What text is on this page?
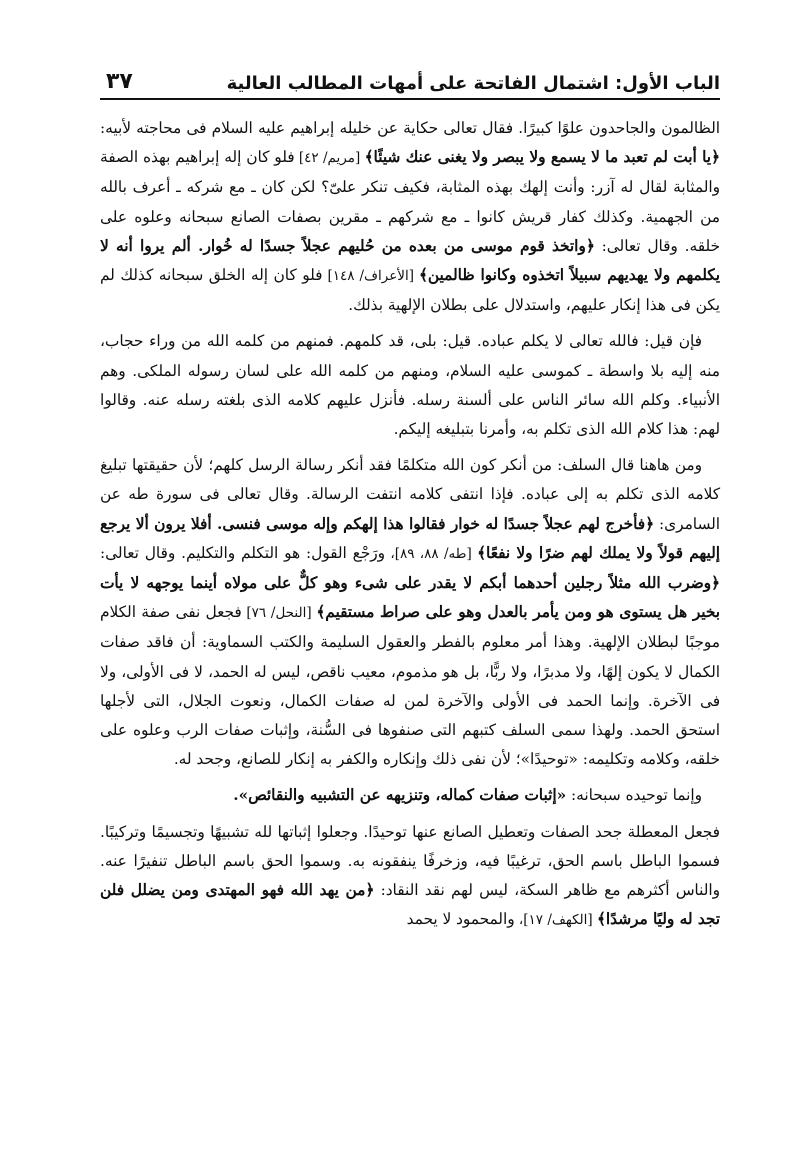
الباب الأول: اشتمال الفاتحة على أمهات المطالب العالية
٣٧

الظالمون والجاحدون علوًا كبيرًا. فقال تعالى حكاية عن خليله إبراهيم عليه السلام فى محاجته لأبيه: ﴿يا أبت لم تعبد ما لا يسمع ولا يبصر ولا يغنى عنك شيئًا﴾ [مريم/ ٤٢] فلو كان إله إبراهيم بهذه الصفة والمثابة لقال له آزر: وأنت إلهك بهذه المثابة، فكيف تنكر علىّ؟ لكن كان ـ مع شركه ـ أعرف بالله من الجهمية. وكذلك كفار قريش كانوا ـ مع شركهم ـ مقرين بصفات الصانع سبحانه وعلوه على خلقه. وقال تعالى: ﴿واتخذ قوم موسى من بعده من حُليهم عجلاً جسدًا له خُوار. ألم يروا أنه لا يكلمهم ولا يهديهم سبيلاً اتخذوه وكانوا ظالمين﴾ [الأعراف/ ١٤٨] فلو كان إله الخلق سبحانه كذلك لم يكن فى هذا إنكار عليهم، واستدلال على بطلان الإلهية بذلك.

فإن قيل: فالله تعالى لا يكلم عباده. قيل: بلى، قد كلمهم. فمنهم من كلمه الله من وراء حجاب، منه إليه بلا واسطة ـ كموسى عليه السلام، ومنهم من كلمه الله على لسان رسوله الملكى. وهم الأنبياء. وكلم الله سائر الناس على ألسنة رسله. فأنزل عليهم كلامه الذى بلغته رسله عنه. وقالوا لهم: هذا كلام الله الذى تكلم به، وأمرنا بتبليغه إليكم.

ومن هاهنا قال السلف: من أنكر كون الله متكلمًا فقد أنكر رسالة الرسل كلهم؛ لأن حقيقتها تبليغ كلامه الذى تكلم به إلى عباده. فإذا انتفى كلامه انتفت الرسالة. وقال تعالى فى سورة طه عن السامرى: ﴿فأخرج لهم عجلاً جسدًا له خوار فقالوا هذا إلهكم وإله موسى فنسى. أفلا يرون ألا يرجع إليهم قولاً ولا يملك لهم ضرًا ولا نفعًا﴾ [طه/ ٨٨، ٨٩]، ورَجْع القول: هو التكلم والتكليم. وقال تعالى: ﴿وضرب الله مثلاً رجلين أحدهما أبكم لا يقدر على شىء وهو كلٌّ على مولاه أينما يوجهه لا يأت بخير هل يستوى هو ومن يأمر بالعدل وهو على صراط مستقيم﴾ [النحل/ ٧٦] فجعل نفى صفة الكلام موجبًا لبطلان الإلهية. وهذا أمر معلوم بالفطر والعقول السليمة والكتب السماوية: أن فاقد صفات الكمال لا يكون إلهًا، ولا مدبرًا، ولا ربًّا، بل هو مذموم، معيب ناقص، ليس له الحمد، لا فى الأولى، ولا فى الآخرة. وإنما الحمد فى الأولى والآخرة لمن له صفات الكمال، ونعوت الجلال، التى لأجلها استحق الحمد. ولهذا سمى السلف كتبهم التى صنفوها فى السُّنة، وإثبات صفات الرب وعلوه على خلقه، وكلامه وتكليمه: «توحيدًا»؛ لأن نفى ذلك وإنكاره والكفر به إنكار للصانع، وجحد له.

وإنما توحيده سبحانه: «إثبات صفات كماله، وتنزيهه عن التشبيه والنقائص».

فجعل المعطلة جحد الصفات وتعطيل الصانع عنها توحيدًا. وجعلوا إثباتها لله تشبيهًا وتجسيمًا وتركيبًا. فسموا الباطل باسم الحق، ترغيبًا فيه، وزخرفًا ينفقونه به. وسموا الحق باسم الباطل تنفيرًا عنه. والناس أكثرهم مع ظاهر السكة، ليس لهم نقد النقاد: ﴿من يهد الله فهو المهتدى ومن يضلل فلن تجد له وليًا مرشدًا﴾ [الكهف/ ١٧]، والمحمود لا يحمد
